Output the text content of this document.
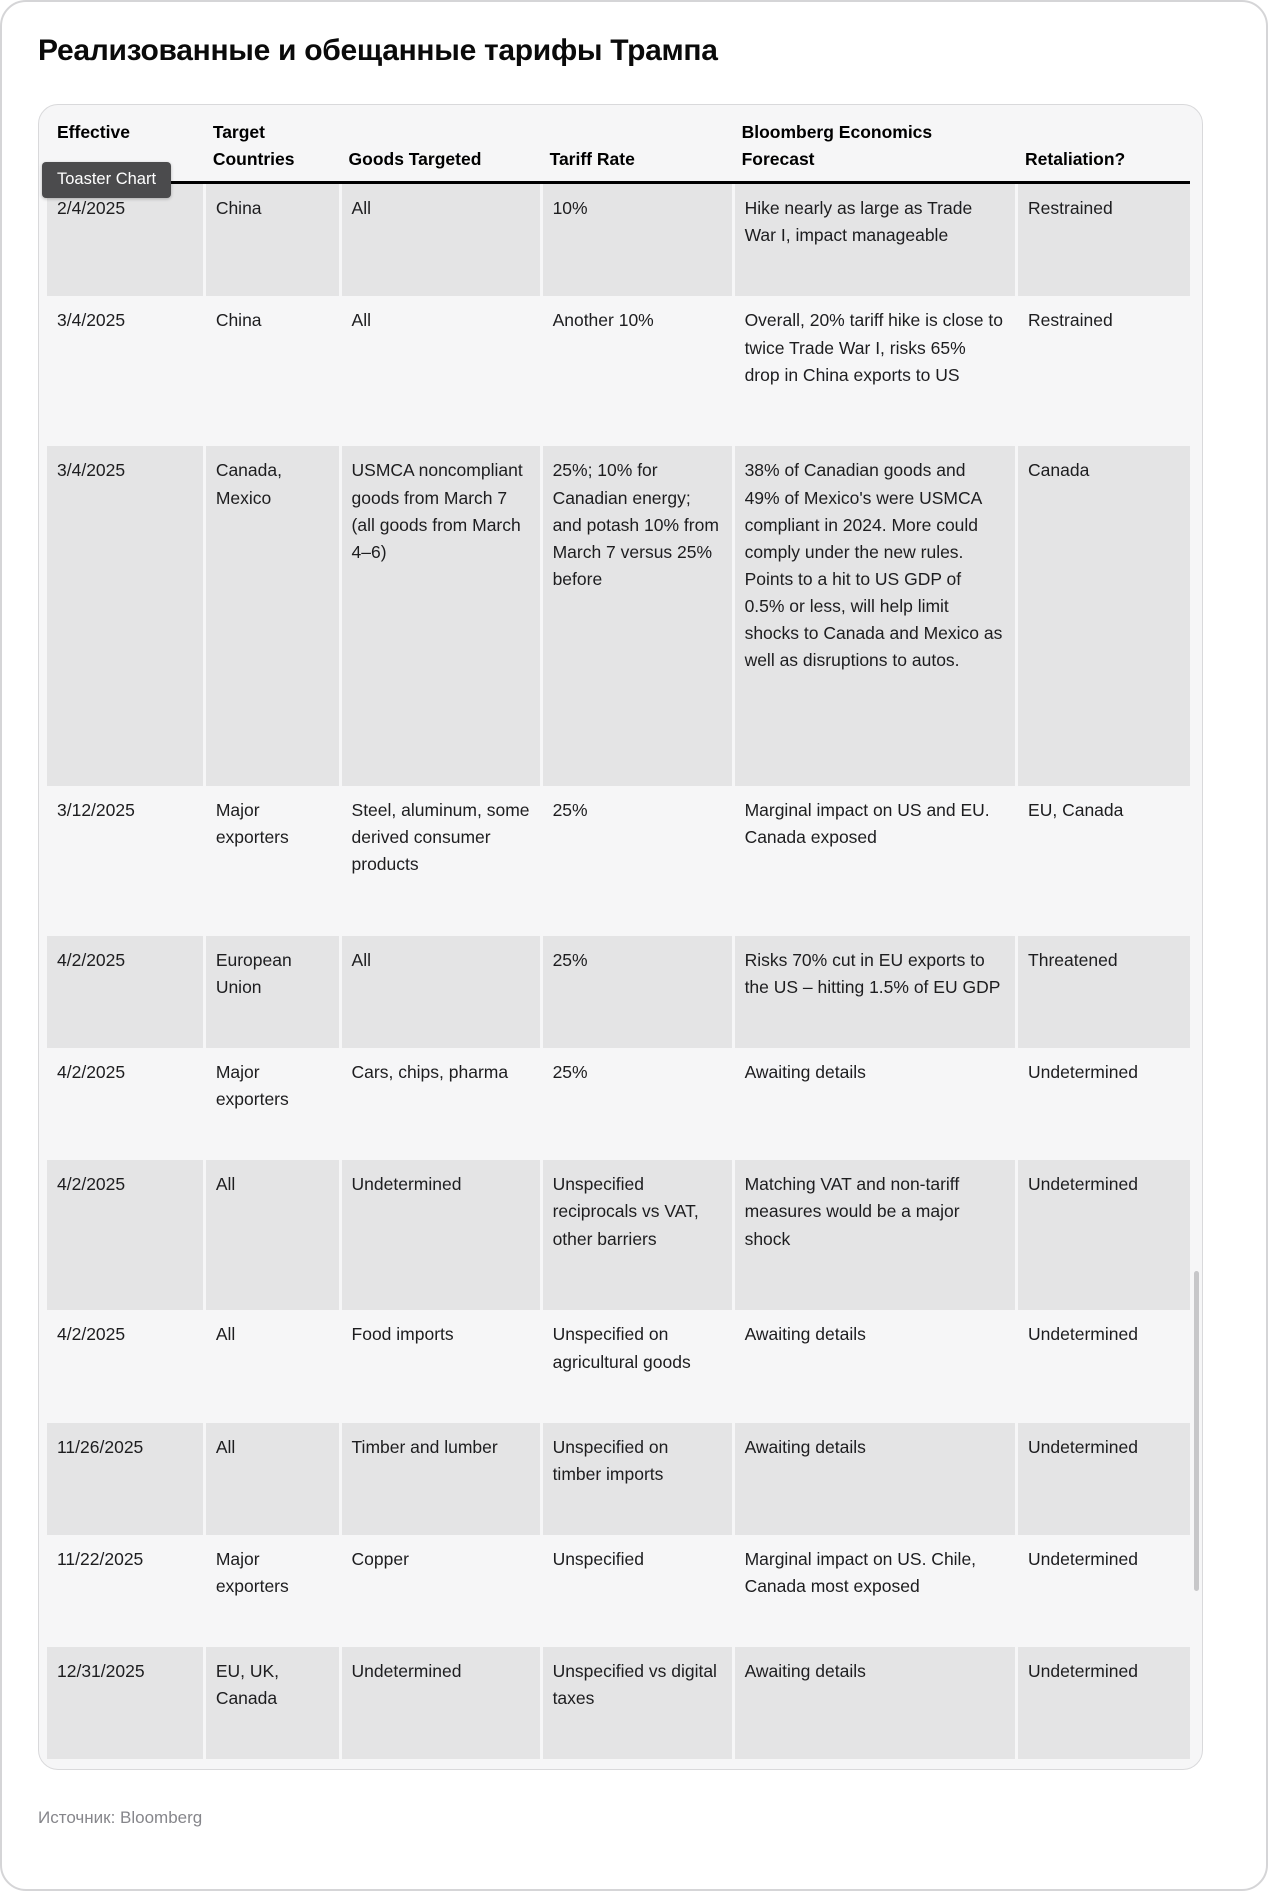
Реализованные и обещанные тарифы Трампа
Effective	Target Countries	Goods Targeted	Tariff Rate	Bloomberg Economics Forecast	Retaliation?
2/4/2025	China	All	10%	Hike nearly as large as Trade War I, impact manageable	Restrained
3/4/2025	China	All	Another 10%	Overall, 20% tariff hike is close to twice Trade War I, risks 65% drop in China exports to US	Restrained
3/4/2025	Canada, Mexico	USMCA noncompliant goods from March 7 (all goods from March 4–6)	25%; 10% for Canadian energy; and potash 10% from March 7 versus 25% before	38% of Canadian goods and 49% of Mexico's were USMCA compliant in 2024. More could comply under the new rules. Points to a hit to US GDP of 0.5% or less, will help limit shocks to Canada and Mexico as well as disruptions to autos.	Canada
3/12/2025	Major exporters	Steel, aluminum, some derived consumer products	25%	Marginal impact on US and EU. Canada exposed	EU, Canada
4/2/2025	European Union	All	25%	Risks 70% cut in EU exports to the US – hitting 1.5% of EU GDP	Threatened
4/2/2025	Major exporters	Cars, chips, pharma	25%	Awaiting details	Undetermined
4/2/2025	All	Undetermined	Unspecified reciprocals vs VAT, other barriers	Matching VAT and non-tariff measures would be a major shock	Undetermined
4/2/2025	All	Food imports	Unspecified on agricultural goods	Awaiting details	Undetermined
11/26/2025	All	Timber and lumber	Unspecified on timber imports	Awaiting details	Undetermined
11/22/2025	Major exporters	Copper	Unspecified	Marginal impact on US. Chile, Canada most exposed	Undetermined
12/31/2025	EU, UK, Canada	Undetermined	Unspecified vs digital taxes	Awaiting details	Undetermined
Toaster Chart

Источник: Bloomberg
